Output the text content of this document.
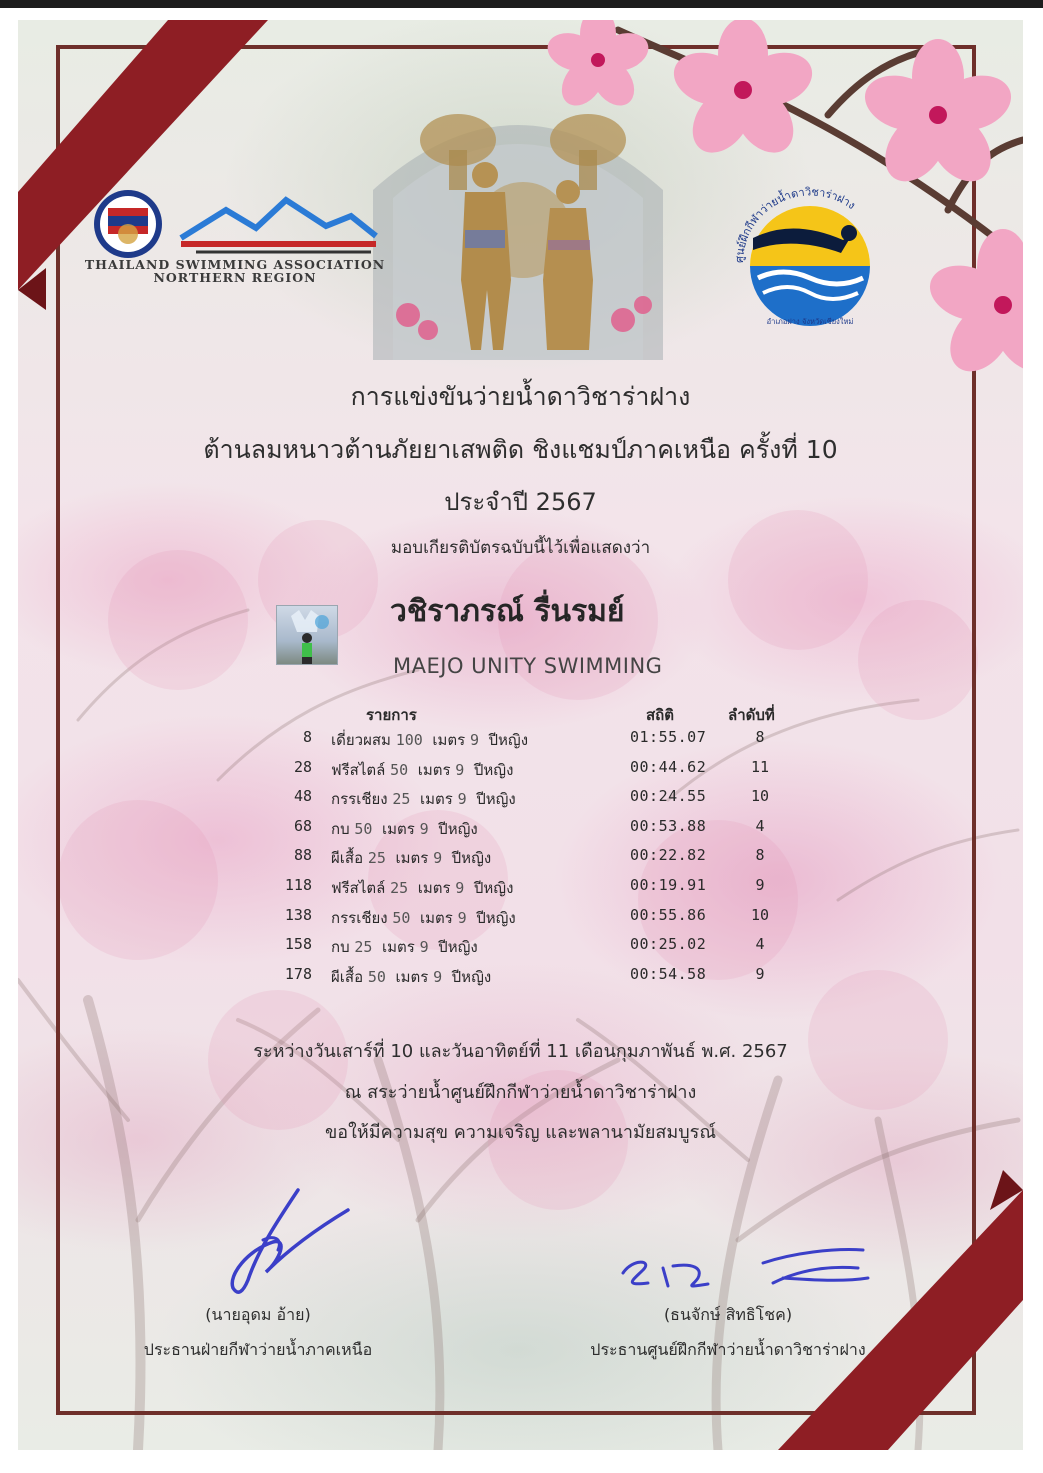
THAILAND SWIMMING ASSOCIATION
NORTHERN REGION
ศูนย์ฝึกกีฬาว่ายน้ำดาวิชาร่าฝาง
อำเภอฝาง จังหวัดเชียงใหม่
การแข่งขันว่ายน้ำดาวิชาร่าฝาง
ต้านลมหนาวต้านภัยยาเสพติด ชิงแชมป์ภาคเหนือ ครั้งที่ 10
ประจำปี 2567
มอบเกียรติบัตรฉบับนี้ไว้เพื่อแสดงว่า
วชิราภรณ์ รื่นรมย์
MAEJO UNITY SWIMMING
รายการ	สถิติ	ลำดับที่
8 เดี่ยวผสม 100 เมตร 9 ปีหญิง	01:55.07	8
28 ฟรีสไตล์ 50 เมตร 9 ปีหญิง	00:44.62	11
48 กรรเชียง 25 เมตร 9 ปีหญิง	00:24.55	10
68 กบ 50 เมตร 9 ปีหญิง	00:53.88	4
88 ผีเสื้อ 25 เมตร 9 ปีหญิง	00:22.82	8
118 ฟรีสไตล์ 25 เมตร 9 ปีหญิง	00:19.91	9
138 กรรเชียง 50 เมตร 9 ปีหญิง	00:55.86	10
158 กบ 25 เมตร 9 ปีหญิง	00:25.02	4
178 ผีเสื้อ 50 เมตร 9 ปีหญิง	00:54.58	9
ระหว่างวันเสาร์ที่ 10 และวันอาทิตย์ที่ 11 เดือนกุมภาพันธ์ พ.ศ. 2567
ณ สระว่ายน้ำศูนย์ฝึกกีฬาว่ายน้ำดาวิชาร่าฝาง
ขอให้มีความสุข ความเจริญ และพลานามัยสมบูรณ์
(นายอุดม อ้าย)
ประธานฝ่ายกีฬาว่ายน้ำภาคเหนือ
(ธนจักษ์ สิทธิโชค)
ประธานศูนย์ฝึกกีฬาว่ายน้ำดาวิชาร่าฝาง
